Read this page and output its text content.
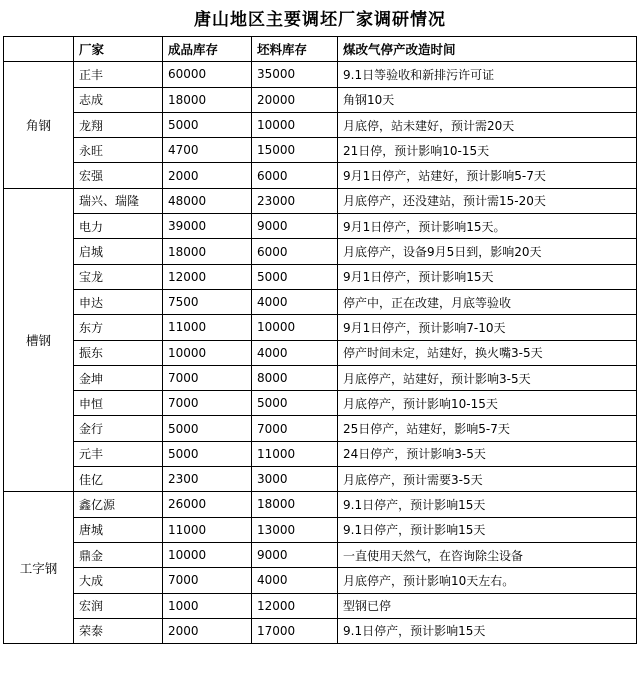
唐山地区主要调坯厂家调研情况
	厂家	成品库存	坯料库存	煤改气停产改造时间
角钢	正丰	60000	35000	9.1日等验收和新排污许可证
	志成	18000	20000	角钢10天
	龙翔	5000	10000	月底停，站未建好，预计需20天
	永旺	4700	15000	21日停，预计影响10-15天
	宏强	2000	6000	9月1日停产，站建好，预计影响5-7天
槽钢	瑞兴、瑞隆	48000	23000	月底停产，还没建站，预计需15-20天
	电力	39000	9000	9月1日停产，预计影响15天。
	启城	18000	6000	月底停产，设备9月5日到，影响20天
	宝龙	12000	5000	9月1日停产，预计影响15天
	申达	7500	4000	停产中，正在改建，月底等验收
	东方	11000	10000	9月1日停产，预计影响7-10天
	振东	10000	4000	停产时间未定，站建好，换火嘴3-5天
	金坤	7000	8000	月底停产，站建好，预计影响3-5天
	申恒	7000	5000	月底停产，预计影响10-15天
	金行	5000	7000	25日停产，站建好，影响5-7天
	元丰	5000	11000	24日停产，预计影响3-5天
	佳亿	2300	3000	月底停产，预计需要3-5天
工字钢	鑫亿源	26000	18000	9.1日停产，预计影响15天
	唐城	11000	13000	9.1日停产，预计影响15天
	鼎金	10000	9000	一直使用天然气，在咨询除尘设备
	大成	7000	4000	月底停产，预计影响10天左右。
	宏润	1000	12000	型钢已停
	荣泰	2000	17000	9.1日停产，预计影响15天
